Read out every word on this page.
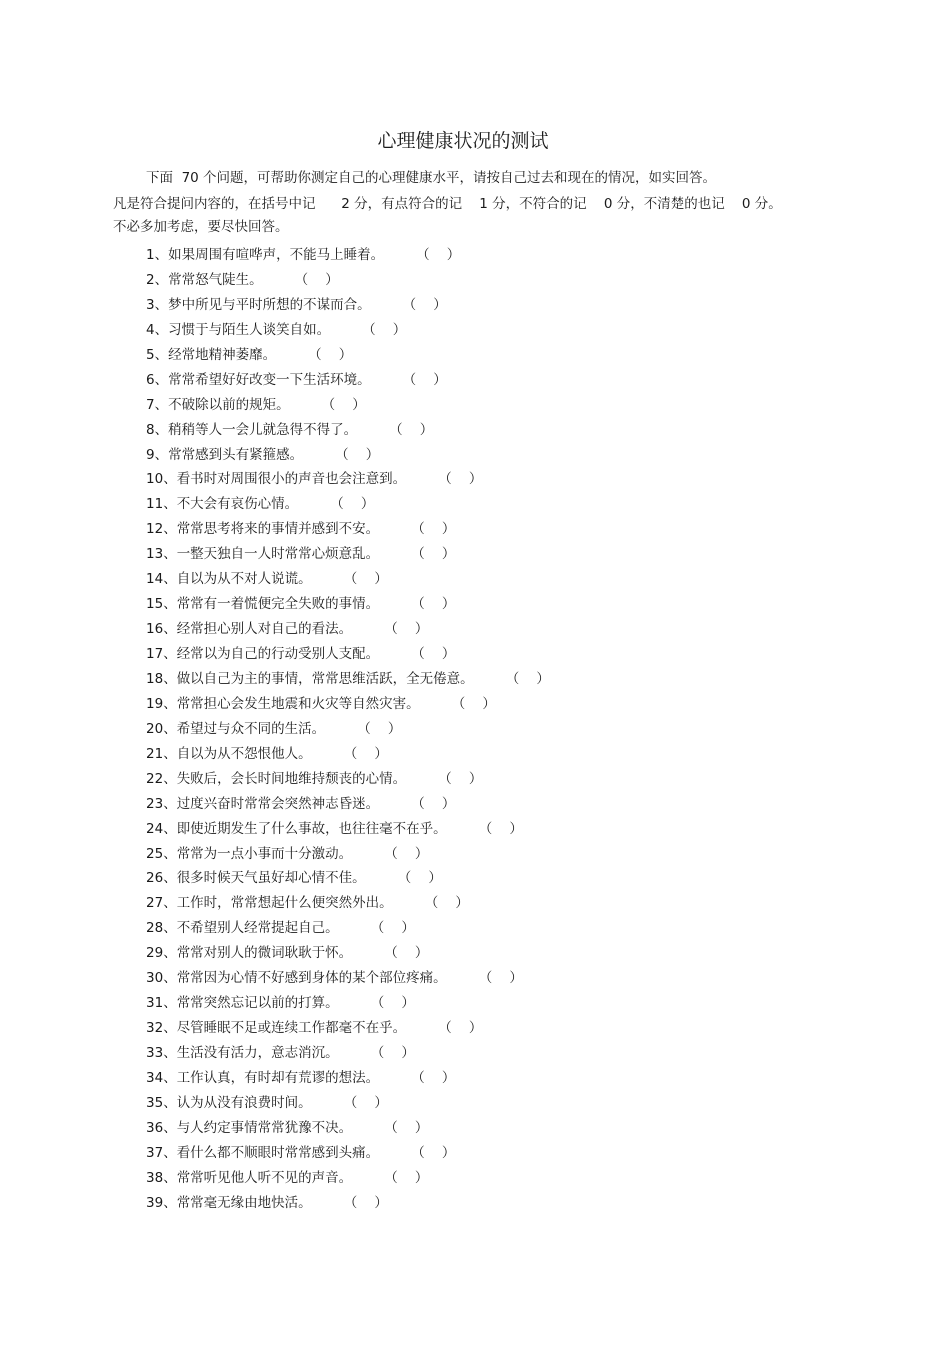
心理健康状况的测试
下面  70 个问题，可帮助你测定自己的心理健康水平，请按自己过去和现在的情况，如实回答。
凡是符合提问内容的，在括号中记      2 分，有点符合的记    1 分，不符合的记    0 分，不清楚的也记    0 分。
不必多加考虑，要尽快回答。
1 、 如果周围有喧哗声，不能马上睡着。 （    ）
2 、 常常怒气陡生。 （    ）
3 、 梦中所见与平时所想的不谋而合。 （    ）
4 、 习惯于与陌生人谈笑自如。 （    ）
5 、 经常地精神萎靡。 （    ）
6 、 常常希望好好改变一下生活环境。 （    ）
7 、 不破除以前的规矩。 （    ）
8 、 稍稍等人一会儿就急得不得了。 （    ）
9 、 常常感到头有紧箍感。 （    ）
10 、 看书时对周围很小的声音也会注意到。 （    ）
11 、 不大会有哀伤心情。 （    ）
12 、 常常思考将来的事情并感到不安。 （    ）
13 、 一整天独自一人时常常心烦意乱。 （    ）
14 、 自以为从不对人说谎。 （    ）
15 、 常常有一着慌便完全失败的事情。 （    ）
16 、 经常担心别人对自己的看法。 （    ）
17 、 经常以为自己的行动受别人支配。 （    ）
18 、 做以自己为主的事情，常常思维活跃，全无倦意。 （    ）
19 、 常常担心会发生地震和火灾等自然灾害。 （    ）
20 、 希望过与众不同的生活。 （    ）
21 、 自以为从不怨恨他人。 （    ）
22 、 失败后，会长时间地维持颓丧的心情。 （    ）
23 、 过度兴奋时常常会突然神志昏迷。 （    ）
24 、 即使近期发生了什么事故，也往往毫不在乎。 （    ）
25 、 常常为一点小事而十分激动。 （    ）
26 、 很多时候天气虽好却心情不佳。 （    ）
27 、 工作时，常常想起什么便突然外出。 （    ）
28 、 不希望别人经常提起自己。 （    ）
29 、 常常对别人的微词耿耿于怀。 （    ）
30 、 常常因为心情不好感到身体的某个部位疼痛。 （    ）
31 、 常常突然忘记以前的打算。 （    ）
32 、 尽管睡眠不足或连续工作都毫不在乎。 （    ）
33 、 生活没有活力，意志消沉。 （    ）
34 、 工作认真，有时却有荒谬的想法。 （    ）
35 、 认为从没有浪费时间。 （    ）
36 、 与人约定事情常常犹豫不决。 （    ）
37 、 看什么都不顺眼时常常感到头痛。 （    ）
38 、 常常听见他人听不见的声音。 （    ）
39 、 常常毫无缘由地快活。 （    ）
